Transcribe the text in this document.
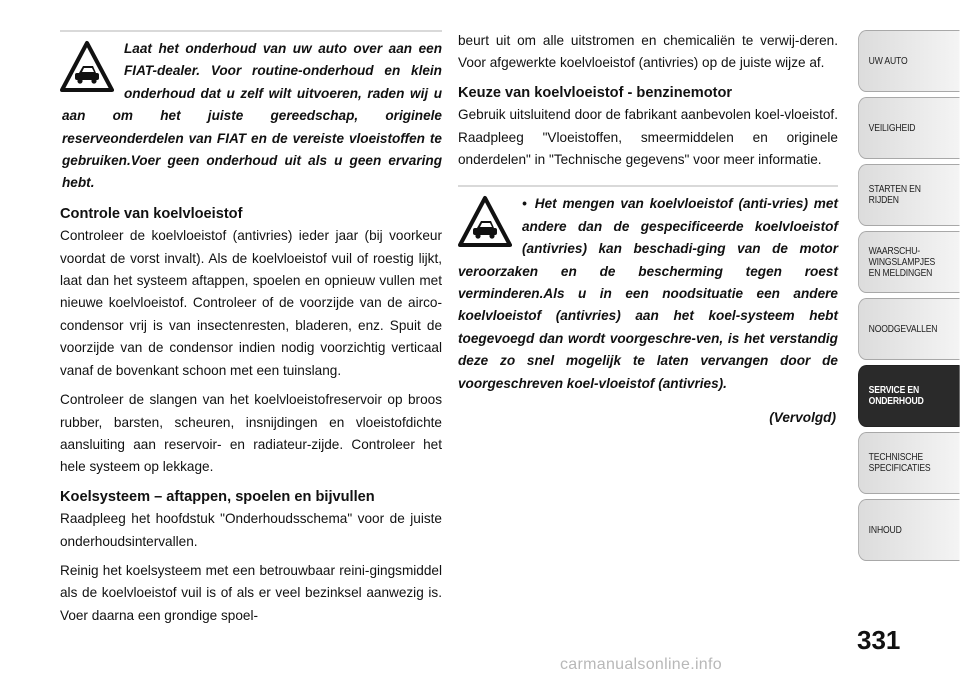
Laat het onderhoud van uw auto over aan een FIAT-dealer. Voor routine-onderhoud en klein onderhoud dat u zelf wilt uitvoeren, raden wij u aan om het juiste gereedschap, originele reserveonderdelen van FIAT en de vereiste vloeistoffen te gebruiken.Voer geen onderhoud uit als u geen ervaring hebt.

Controle van koelvloeistof

Controleer de koelvloeistof (antivries) ieder jaar (bij voorkeur voordat de vorst invalt). Als de koelvloeistof vuil of roestig lijkt, laat dan het systeem aftappen, spoelen en opnieuw vullen met nieuwe koelvloeistof. Controleer of de voorzijde van de airco-condensor vrij is van insectenresten, bladeren, enz. Spuit de voorzijde van de condensor indien nodig voorzichtig verticaal vanaf de bovenkant schoon met een tuinslang.

Controleer de slangen van het koelvloeistofreservoir op broos rubber, barsten, scheuren, insnijdingen en vloeistofdichte aansluiting aan reservoir- en radiateur-zijde. Controleer het hele systeem op lekkage.

Koelsysteem – aftappen, spoelen en bijvullen

Raadpleeg het hoofdstuk "Onderhoudsschema" voor de juiste onderhoudsintervallen.

Reinig het koelsysteem met een betrouwbaar reini-gingsmiddel als de koelvloeistof vuil is of als er veel bezinksel aanwezig is. Voer daarna een grondige spoel-

beurt uit om alle uitstromen en chemicaliën te verwij-deren. Voor afgewerkte koelvloeistof (antivries) op de juiste wijze af.

Keuze van koelvloeistof - benzinemotor

Gebruik uitsluitend door de fabrikant aanbevolen koel-vloeistof. Raadpleeg "Vloeistoffen, smeermiddelen en originele onderdelen" in "Technische gegevens" voor meer informatie.

• Het mengen van koelvloeistof (anti-vries) met andere dan de gespecificeerde koelvloeistof (antivries) kan beschadi-ging van de motor veroorzaken en de bescherming tegen roest verminderen.Als u in een noodsituatie een andere koelvloeistof (antivries) aan het koel-systeem hebt toegevoegd dan wordt voorgeschre-ven, is het verstandig deze zo snel mogelijk te laten vervangen door de voorgeschreven koel-vloeistof (antivries).
(Vervolgd)
UW AUTO
VEILIGHEID
STARTEN EN
RIJDEN
WAARSCHU-
WINGSLAMPJES
EN MELDINGEN
NOODGEVALLEN
SERVICE EN
ONDERHOUD
TECHNISCHE
SPECIFICATIES
INHOUD
331
carmanualsonline.info
